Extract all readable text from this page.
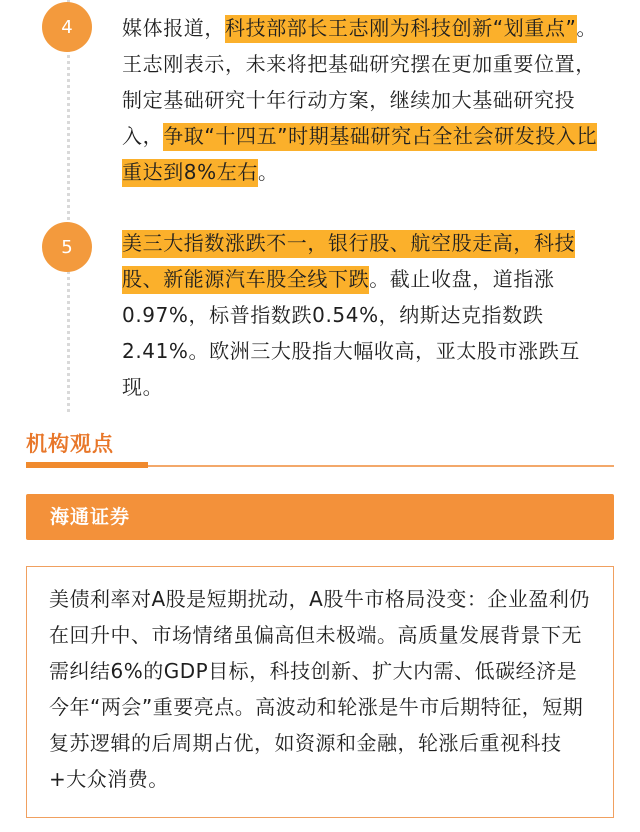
4 媒体报道，科技部部长王志刚为科技创新“划重点”。王志刚表示，未来将把基础研究摆在更加重要位置，制定基础研究十年行动方案，继续加大基础研究投入，争取“十四五”时期基础研究占全社会研发投入比重达到8%左右。
5 美三大指数涨跌不一，银行股、航空股走高，科技股、新能源汽车股全线下跌。截止收盘，道指涨0.97%，标普指数跌0.54%，纳斯达克指数跌2.41%。欧洲三大股指大幅收高，亚太股市涨跌互现。
机构观点
海通证券
美债利率对A股是短期扰动，A股牛市格局没变：企业盈利仍在回升中、市场情绪虽偏高但未极端。高质量发展背景下无需纠结6%的GDP目标，科技创新、扩大内需、低碳经济是今年“两会”重要亮点。高波动和轮涨是牛市后期特征，短期复苏逻辑的后周期占优，如资源和金融，轮涨后重视科技+大众消费。
